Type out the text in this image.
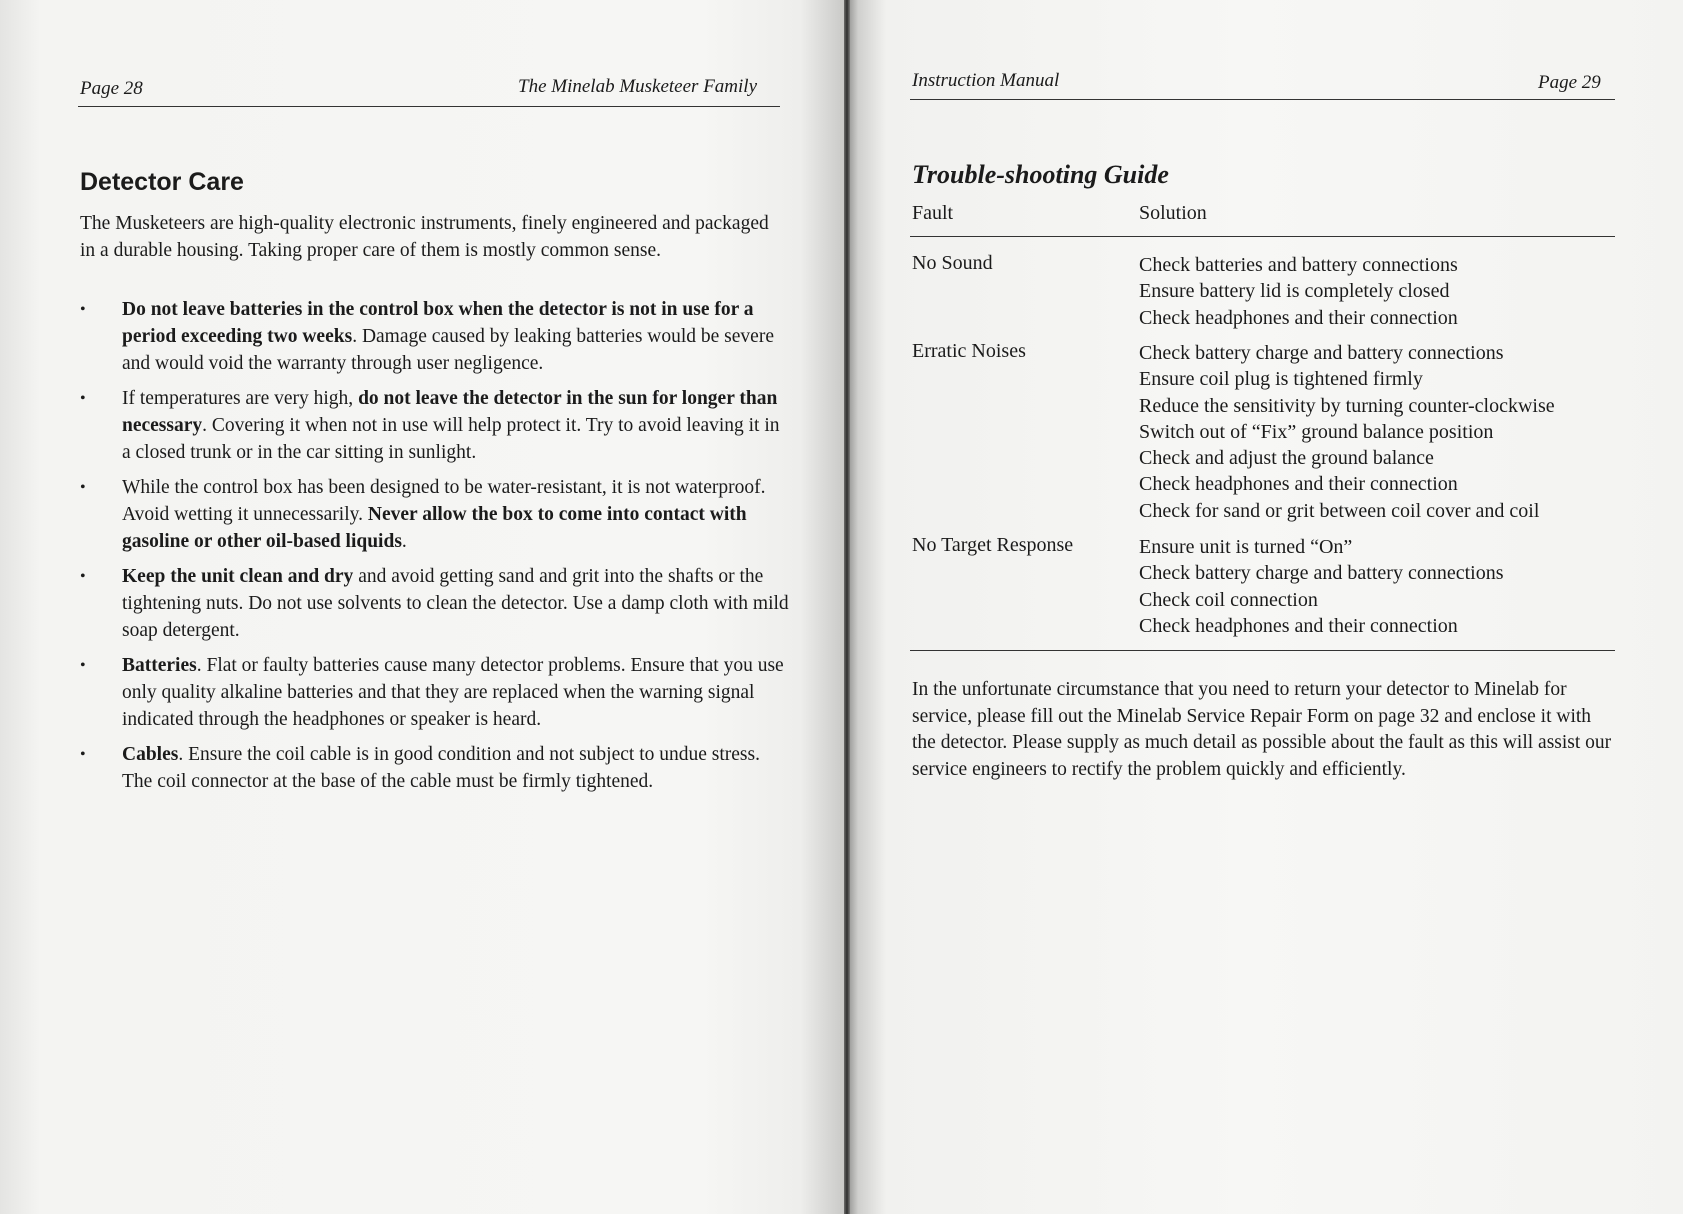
Page 28	The Minelab Musketeer Family
Detector Care

The Musketeers are high-quality electronic instruments, finely engineered and packaged in a durable housing. Taking proper care of them is mostly common sense.

•	Do not leave batteries in the control box when the detector is not in use for a period exceeding two weeks. Damage caused by leaking batteries would be severe and would void the warranty through user negligence.
•	If temperatures are very high, do not leave the detector in the sun for longer than necessary. Covering it when not in use will help protect it. Try to avoid leaving it in a closed trunk or in the car sitting in sunlight.
•	While the control box has been designed to be water-resistant, it is not waterproof. Avoid wetting it unnecessarily. Never allow the box to come into contact with gasoline or other oil-based liquids.
•	Keep the unit clean and dry and avoid getting sand and grit into the shafts or the tightening nuts. Do not use solvents to clean the detector. Use a damp cloth with mild soap detergent.
•	Batteries. Flat or faulty batteries cause many detector problems. Ensure that you use only quality alkaline batteries and that they are replaced when the warning signal indicated through the headphones or speaker is heard.
•	Cables. Ensure the coil cable is in good condition and not subject to undue stress. The coil connector at the base of the cable must be firmly tightened.
Instruction Manual	Page 29
Trouble-shooting Guide
Fault	Solution
No Sound	Check batteries and battery connections
Ensure battery lid is completely closed
Check headphones and their connection
Erratic Noises	Check battery charge and battery connections
Ensure coil plug is tightened firmly
Reduce the sensitivity by turning counter-clockwise
Switch out of “Fix” ground balance position
Check and adjust the ground balance
Check headphones and their connection
Check for sand or grit between coil cover and coil
No Target Response	Ensure unit is turned “On”
Check battery charge and battery connections
Check coil connection
Check headphones and their connection

In the unfortunate circumstance that you need to return your detector to Minelab for service, please fill out the Minelab Service Repair Form on page 32 and enclose it with the detector. Please supply as much detail as possible about the fault as this will assist our service engineers to rectify the problem quickly and efficiently.
